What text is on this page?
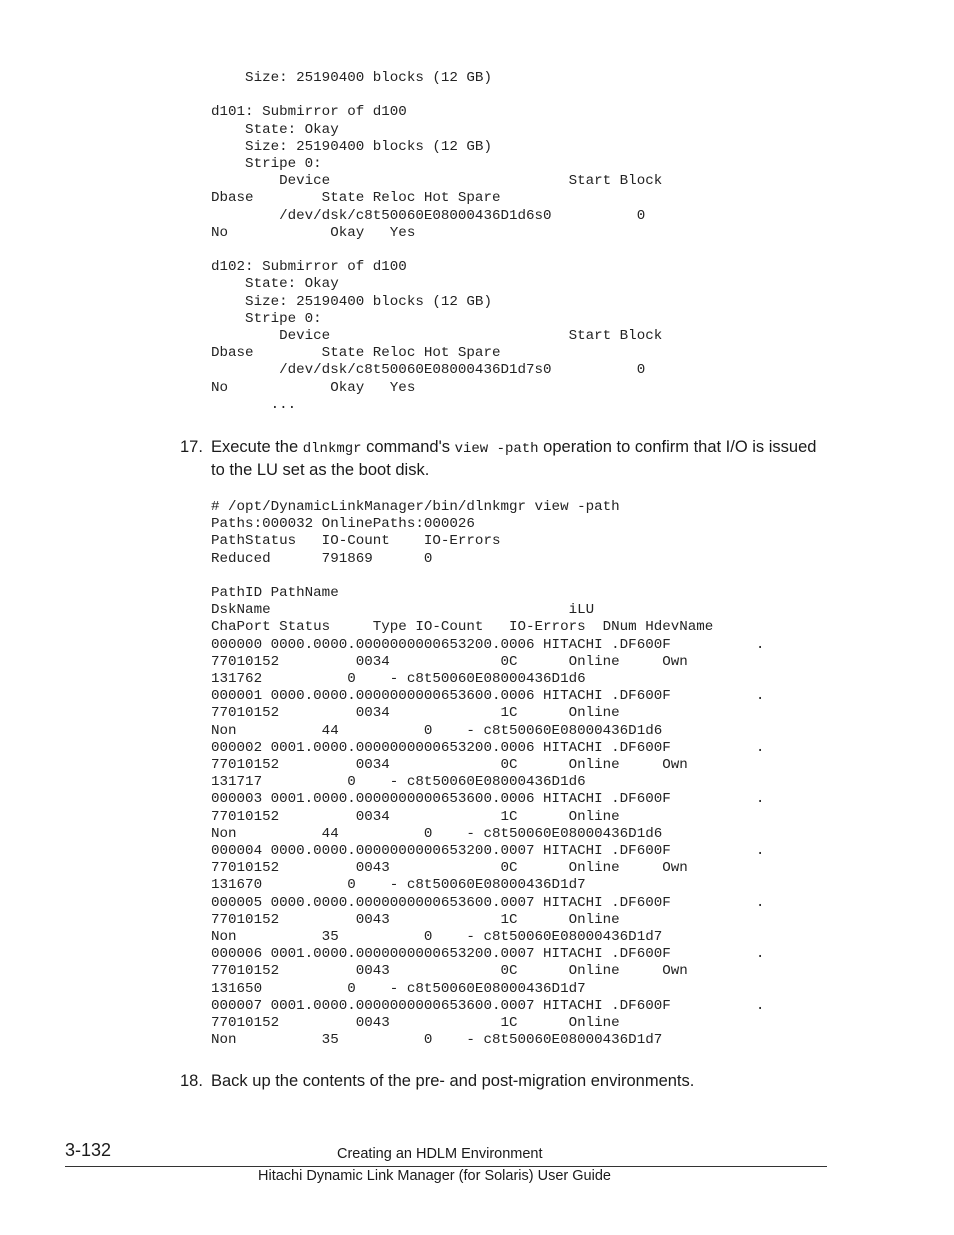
Size: 25190400 blocks (12 GB)

d101: Submirror of d100
State: Okay
Size: 25190400 blocks (12 GB)
Stripe 0:
Device                            Start Block
Dbase        State Reloc Hot Spare
/dev/dsk/c8t50060E08000436D1d6s0          0
No            Okay   Yes

d102: Submirror of d100
State: Okay
Size: 25190400 blocks (12 GB)
Stripe 0:
Device                            Start Block
Dbase        State Reloc Hot Spare
/dev/dsk/c8t50060E08000436D1d7s0          0
No            Okay   Yes
...
17. Execute the dlnkmgr command's view -path operation to confirm that I/O is issued to the LU set as the boot disk.
# /opt/DynamicLinkManager/bin/dlnkmgr view -path
Paths:000032 OnlinePaths:000026
PathStatus   IO-Count    IO-Errors
Reduced      791869      0

PathID PathName
DskName                                   iLU
ChaPort Status     Type IO-Count   IO-Errors  DNum HdevName
000000 0000.0000.0000000000653200.0006 HITACHI .DF600F          .
77010152         0034             0C      Online     Own
131762          0    - c8t50060E08000436D1d6
000001 0000.0000.0000000000653600.0006 HITACHI .DF600F          .
77010152         0034             1C      Online
Non          44          0    - c8t50060E08000436D1d6
000002 0001.0000.0000000000653200.0006 HITACHI .DF600F          .
77010152         0034             0C      Online     Own
131717          0    - c8t50060E08000436D1d6
000003 0001.0000.0000000000653600.0006 HITACHI .DF600F          .
77010152         0034             1C      Online
Non          44          0    - c8t50060E08000436D1d6
000004 0000.0000.0000000000653200.0007 HITACHI .DF600F          .
77010152         0043             0C      Online     Own
131670          0    - c8t50060E08000436D1d7
000005 0000.0000.0000000000653600.0007 HITACHI .DF600F          .
77010152         0043             1C      Online
Non          35          0    - c8t50060E08000436D1d7
000006 0001.0000.0000000000653200.0007 HITACHI .DF600F          .
77010152         0043             0C      Online     Own
131650          0    - c8t50060E08000436D1d7
000007 0001.0000.0000000000653600.0007 HITACHI .DF600F          .
77010152         0043             1C      Online
Non          35          0    - c8t50060E08000436D1d7
18. Back up the contents of the pre- and post-migration environments.
3-132	Creating an HDLM Environment
Hitachi Dynamic Link Manager (for Solaris) User Guide
